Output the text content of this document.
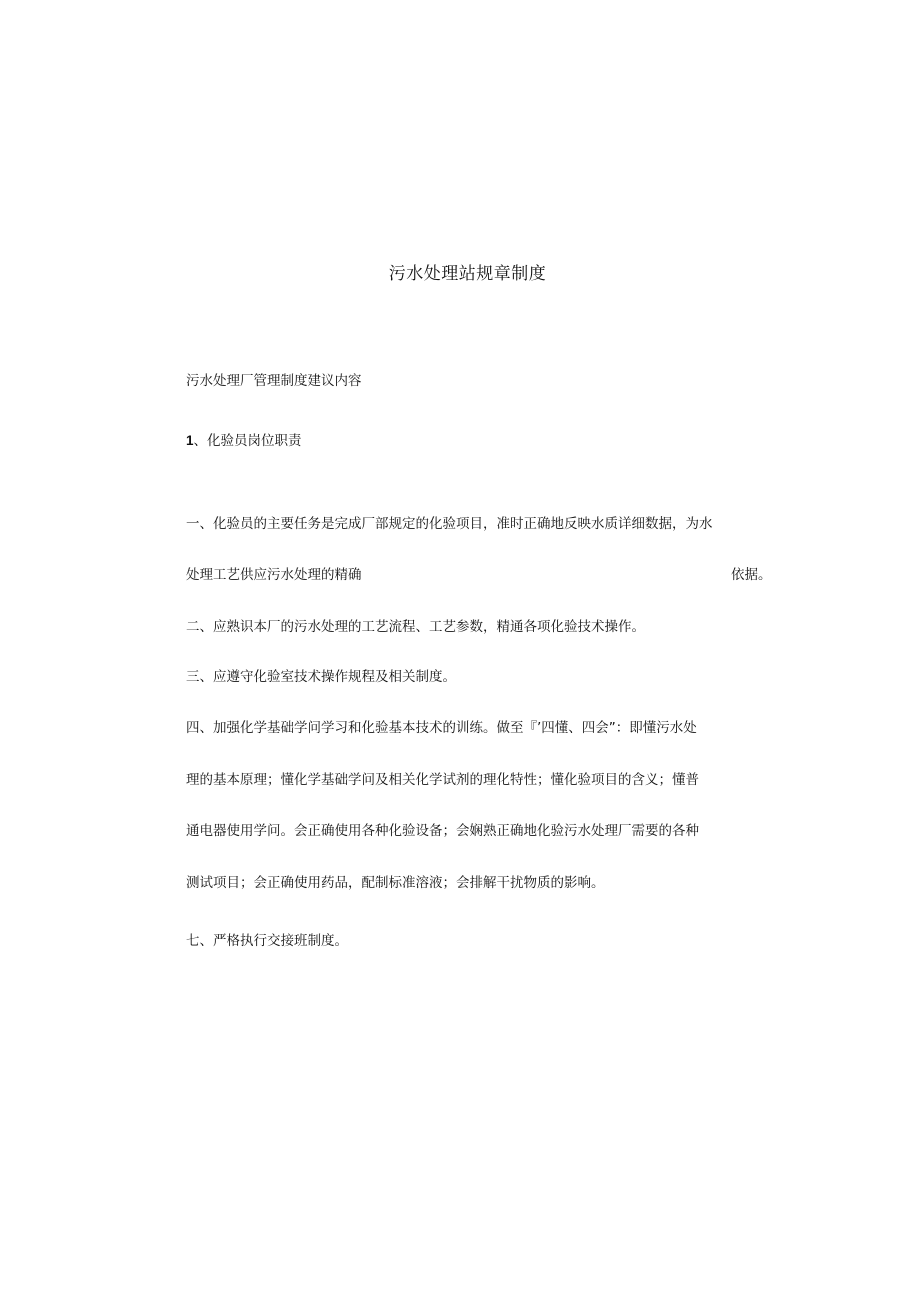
污水处理站规章制度
污水处理厂管理制度建议内容
1、化验员岗位职责
一、化验员的主要任务是完成厂部规定的化验项目，准时正确地反映水质详细数据，为水
处理工艺供应污水处理的精确	依据。
二、应熟识本厂的污水处理的工艺流程、工艺参数，精通各项化验技术操作。
三、应遵守化验室技术操作规程及相关制度。
四、加强化学基础学问学习和化验基本技术的训练。做至『’四懂、四会”：即懂污水处
理的基本原理；懂化学基础学问及相关化学试剂的理化特性；懂化验项目的含义；懂普
通电器使用学问。会正确使用各种化验设备；会娴熟正确地化验污水处理厂需要的各种
测试项目；会正确使用药品，配制标准溶液；会排解干扰物质的影响。
七、严格执行交接班制度。
